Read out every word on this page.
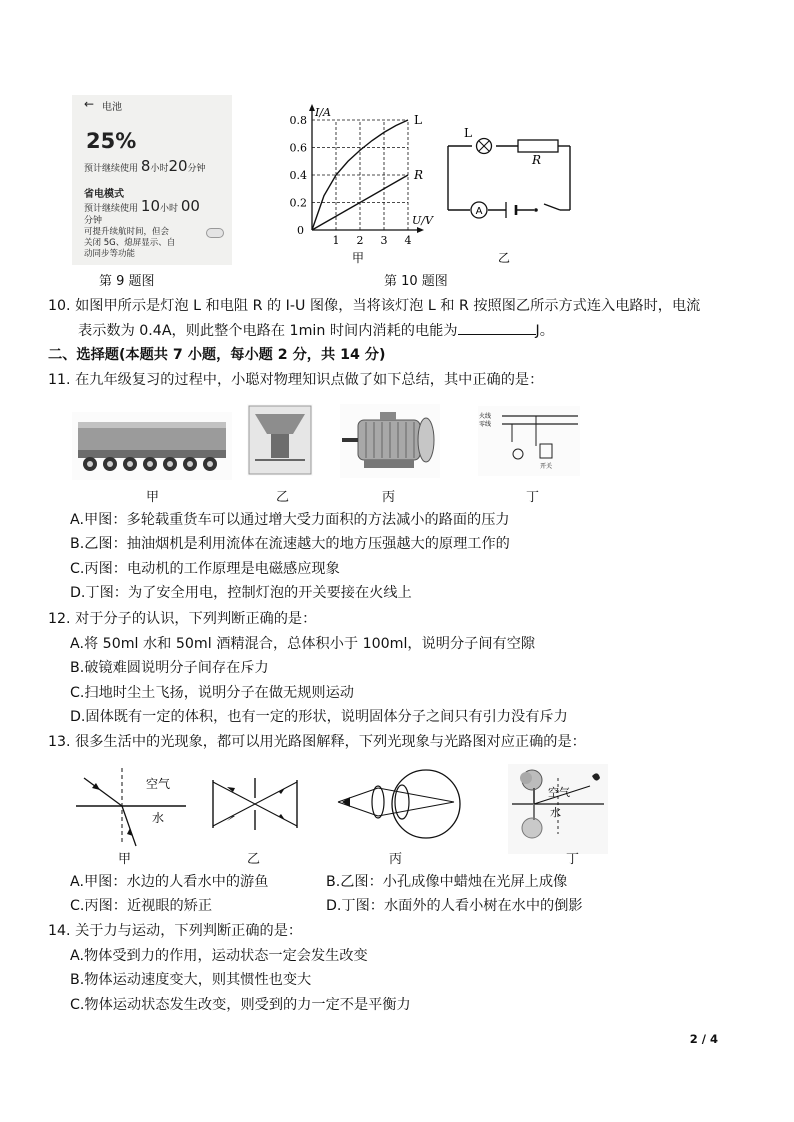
← 电池
25%
预计继续使用 8小时20分钟
省电模式
预计继续使用 10小时 00
分钟
可提升续航时间，但会
关闭 5G、熄屏显示、自
动同步等功能
第 9 题图
1 2 3 4
0.2
0.4
0.6
0.8
0
I/A
U/V
L
R
甲
A
L
R
乙
第 10 题图
10. 如图甲所示是灯泡 L 和电阻 R 的 I-U 图像，当将该灯泡 L 和 R 按照图乙所示方式连入电路时，电流
表示数为 0.4A，则此整个电路在 1min 时间内消耗的电能为	J。
二、选择题(本题共 7 小题，每小题 2 分，共 14 分)
11. 在九年级复习的过程中，小聪对物理知识点做了如下总结，其中正确的是：
火线
零线
开关
甲	乙	丙	丁
A.甲图：多轮载重货车可以通过增大受力面积的方法减小的路面的压力
B.乙图：抽油烟机是利用流体在流速越大的地方压强越大的原理工作的
C.丙图：电动机的工作原理是电磁感应现象
D.丁图：为了安全用电，控制灯泡的开关要接在火线上
12. 对于分子的认识，下列判断正确的是：
A.将 50ml 水和 50ml 酒精混合，总体积小于 100ml，说明分子间有空隙
B.破镜难圆说明分子间存在斥力
C.扫地时尘土飞扬，说明分子在做无规则运动
D.固体既有一定的体积，也有一定的形状，说明固体分子之间只有引力没有斥力
13. 很多生活中的光现象，都可以用光路图解释，下列光现象与光路图对应正确的是：
空气
水
空气
水
甲	乙	丙	丁
A.甲图：水边的人看水中的游鱼	B.乙图：小孔成像中蜡烛在光屏上成像
C.丙图：近视眼的矫正	D.丁图：水面外的人看小树在水中的倒影
14. 关于力与运动，下列判断正确的是：
A.物体受到力的作用，运动状态一定会发生改变
B.物体运动速度变大，则其惯性也变大
C.物体运动状态发生改变，则受到的力一定不是平衡力
2 / 4
